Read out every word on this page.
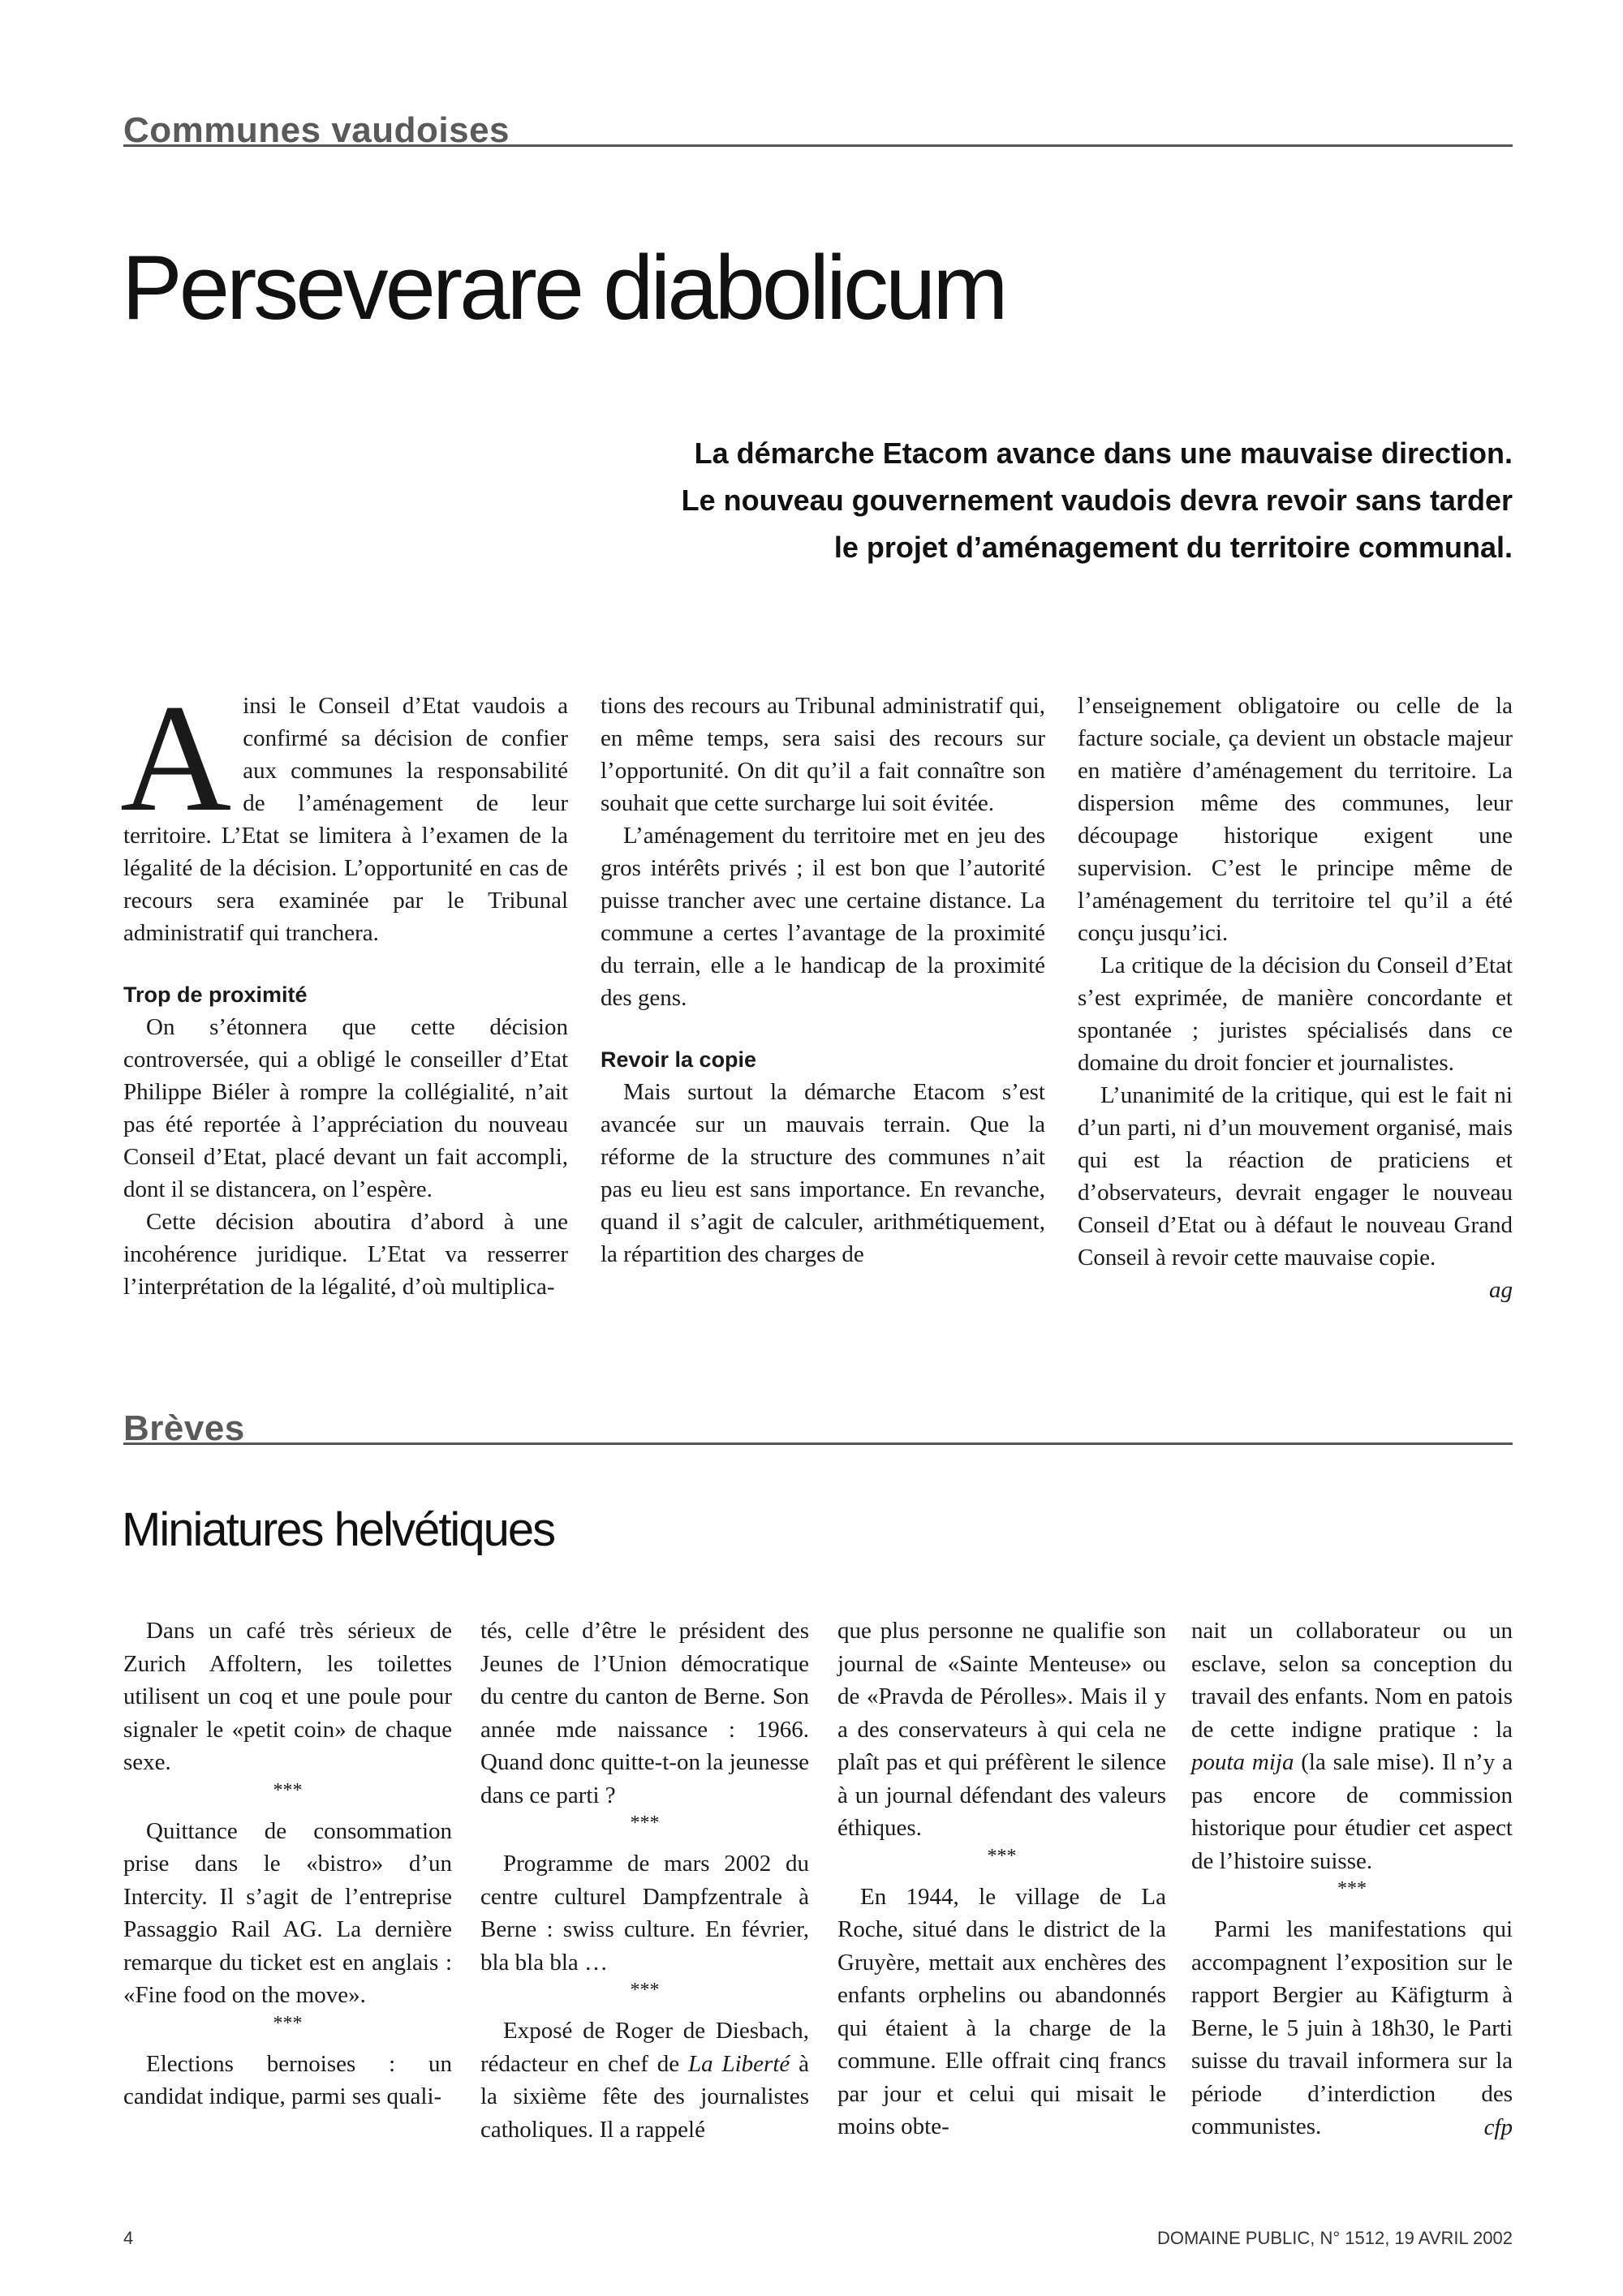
Communes vaudoises
Perseverare diabolicum
La démarche Etacom avance dans une mauvaise direction.
Le nouveau gouvernement vaudois devra revoir sans tarder
le projet d’aménagement du territoire communal.

Ainsi le Conseil d’Etat vaudois a confirmé sa décision de confier aux communes la responsabilité de l’aménagement de leur territoire. L’Etat se limitera à l’examen de la légalité de la décision. L’opportunité en cas de recours sera examinée par le Tribunal administratif qui tranchera.

Trop de proximité

On s’étonnera que cette décision controversée, qui a obligé le conseiller d’Etat Philippe Biéler à rompre la collégialité, n’ait pas été reportée à l’appréciation du nouveau Conseil d’Etat, placé devant un fait accompli, dont il se distancera, on l’espère.

Cette décision aboutira d’abord à une incohérence juridique. L’Etat va resserrer l’interprétation de la légalité, d’où multiplica-

tions des recours au Tribunal administratif qui, en même temps, sera saisi des recours sur l’opportunité. On dit qu’il a fait connaître son souhait que cette surcharge lui soit évitée.

L’aménagement du territoire met en jeu des gros intérêts privés ; il est bon que l’autorité puisse trancher avec une certaine distance. La commune a certes l’avantage de la proximité du terrain, elle a le handicap de la proximité des gens.

Revoir la copie

Mais surtout la démarche Etacom s’est avancée sur un mauvais terrain. Que la réforme de la structure des communes n’ait pas eu lieu est sans importance. En revanche, quand il s’agit de calculer, arithmétiquement, la répartition des charges de

l’enseignement obligatoire ou celle de la facture sociale, ça devient un obstacle majeur en matière d’aménagement du territoire. La dispersion même des communes, leur découpage historique exigent une supervision. C’est le principe même de l’aménagement du territoire tel qu’il a été conçu jusqu’ici.

La critique de la décision du Conseil d’Etat s’est exprimée, de manière concordante et spontanée ; juristes spécialisés dans ce domaine du droit foncier et journalistes.

L’unanimité de la critique, qui est le fait ni d’un parti, ni d’un mouvement organisé, mais qui est la réaction de praticiens et d’observateurs, devrait engager le nouveau Conseil d’Etat ou à défaut le nouveau Grand Conseil à revoir cette mauvaise copie.

ag
Brèves
Miniatures helvétiques

Dans un café très sérieux de Zurich Affoltern, les toilettes utilisent un coq et une poule pour signaler le «petit coin» de chaque sexe.

***

Quittance de consommation prise dans le «bistro» d’un Intercity. Il s’agit de l’entreprise Passaggio Rail AG. La dernière remarque du ticket est en anglais : «Fine food on the move».

***

Elections bernoises : un candidat indique, parmi ses quali-

tés, celle d’être le président des Jeunes de l’Union démocratique du centre du canton de Berne. Son année mde naissance : 1966. Quand donc quitte-t-on la jeunesse dans ce parti ?

***

Programme de mars 2002 du centre culturel Dampfzentrale à Berne : swiss culture. En février, bla bla bla …

***

Exposé de Roger de Diesbach, rédacteur en chef de La Liberté à la sixième fête des journalistes catholiques. Il a rappelé

que plus personne ne qualifie son journal de «Sainte Menteuse» ou de «Pravda de Pérolles». Mais il y a des conservateurs à qui cela ne plaît pas et qui préfèrent le silence à un journal défendant des valeurs éthiques.

***

En 1944, le village de La Roche, situé dans le district de la Gruyère, mettait aux enchères des enfants orphelins ou abandonnés qui étaient à la charge de la commune. Elle offrait cinq francs par jour et celui qui misait le moins obte-

nait un collaborateur ou un esclave, selon sa conception du travail des enfants. Nom en patois de cette indigne pratique : la pouta mija (la sale mise). Il n’y a pas encore de commission historique pour étudier cet aspect de l’histoire suisse.

***

Parmi les manifestations qui accompagnent l’exposition sur le rapport Bergier au Käfigturm à Berne, le 5 juin à 18h30, le Parti suisse du travail informera sur la période d’interdiction des communistes.	cfp
4	DOMAINE PUBLIC, N° 1512, 19 AVRIL 2002
